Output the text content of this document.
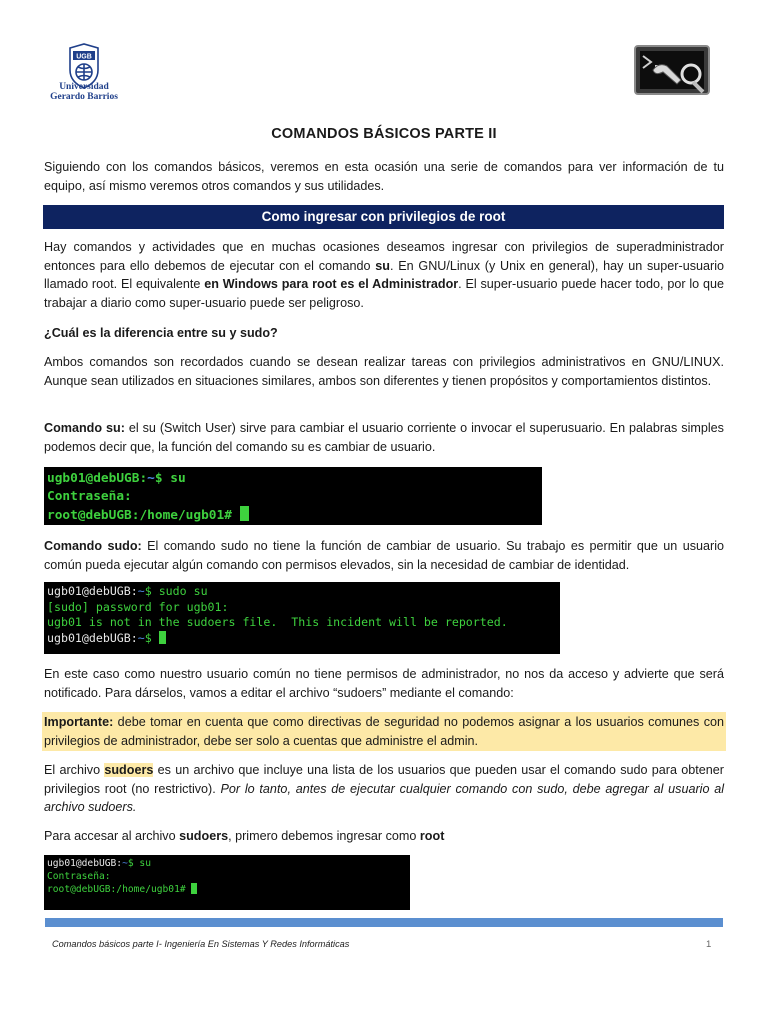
UGB
Universidad
Gerardo Barrios
COMANDOS BÁSICOS PARTE II
Siguiendo con los comandos básicos, veremos en esta ocasión una serie de comandos para ver información de tu equipo, así mismo veremos otros comandos y sus utilidades.
Como ingresar con privilegios de root
Hay comandos y actividades que en muchas ocasiones deseamos ingresar con privilegios de superadministrador entonces para ello debemos de ejecutar con el comando su. En GNU/Linux (y Unix en general), hay un super-usuario llamado root. El equivalente en Windows para root es el Administrador. El super-usuario puede hacer todo, por lo que trabajar a diario como super-usuario puede ser peligroso.
¿Cuál es la diferencia entre su y sudo?
Ambos comandos son recordados cuando se desean realizar tareas con privilegios administrativos en GNU/LINUX. Aunque sean utilizados en situaciones similares, ambos son diferentes y tienen propósitos y comportamientos distintos.
Comando su: el su (Switch User) sirve para cambiar el usuario corriente o invocar el superusuario. En palabras simples podemos decir que, la función del comando su es cambiar de usuario.
ugb01@debUGB:~$ su
Contraseña:
root@debUGB:/home/ugb01#
Comando sudo: El comando sudo no tiene la función de cambiar de usuario. Su trabajo es permitir que un usuario común pueda ejecutar algún comando con permisos elevados, sin la necesidad de cambiar de identidad.
ugb01@debUGB:~$ sudo su
[sudo] password for ugb01:
ugb01 is not in the sudoers file.  This incident will be reported.
ugb01@debUGB:~$
En este caso como nuestro usuario común no tiene permisos de administrador, no nos da acceso y advierte que será notificado. Para dárselos, vamos a editar el archivo “sudoers” mediante el comando:
Importante: debe tomar en cuenta que como directivas de seguridad no podemos asignar a los usuarios comunes con privilegios de administrador, debe ser solo a cuentas que administre el admin.
El archivo sudoers es un archivo que incluye una lista de los usuarios que pueden usar el comando sudo para obtener privilegios root (no restrictivo). Por lo tanto, antes de ejecutar cualquier comando con sudo, debe agregar al usuario al archivo sudoers.
Para accesar al archivo sudoers, primero debemos ingresar como root
ugb01@debUGB:~$ su
Contraseña:
root@debUGB:/home/ugb01#
Comandos básicos parte I- Ingeniería En Sistemas Y Redes Informáticas	1
